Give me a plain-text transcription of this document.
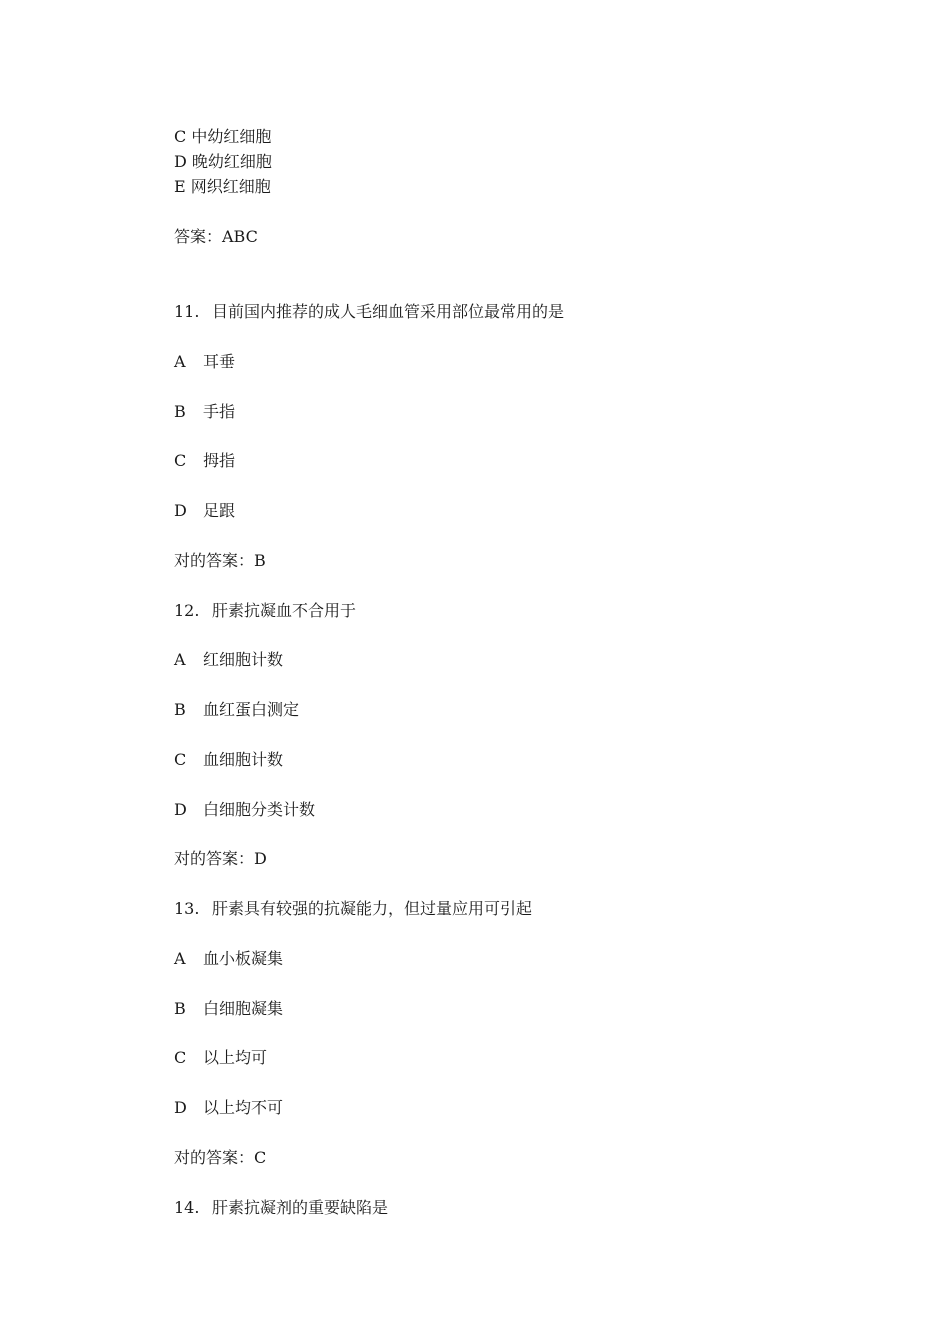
C 中幼红细胞
D 晚幼红细胞
E 网织红细胞
答案：ABC
11. 目前国内推荐的成人毛细血管采用部位最常用的是
A 耳垂
B 手指
C 拇指
D 足跟
对的答案：B
12. 肝素抗凝血不合用于
A 红细胞计数
B 血红蛋白测定
C 血细胞计数
D 白细胞分类计数
对的答案：D
13. 肝素具有较强的抗凝能力，但过量应用可引起
A 血小板凝集
B 白细胞凝集
C 以上均可
D 以上均不可
对的答案：C
14. 肝素抗凝剂的重要缺陷是
